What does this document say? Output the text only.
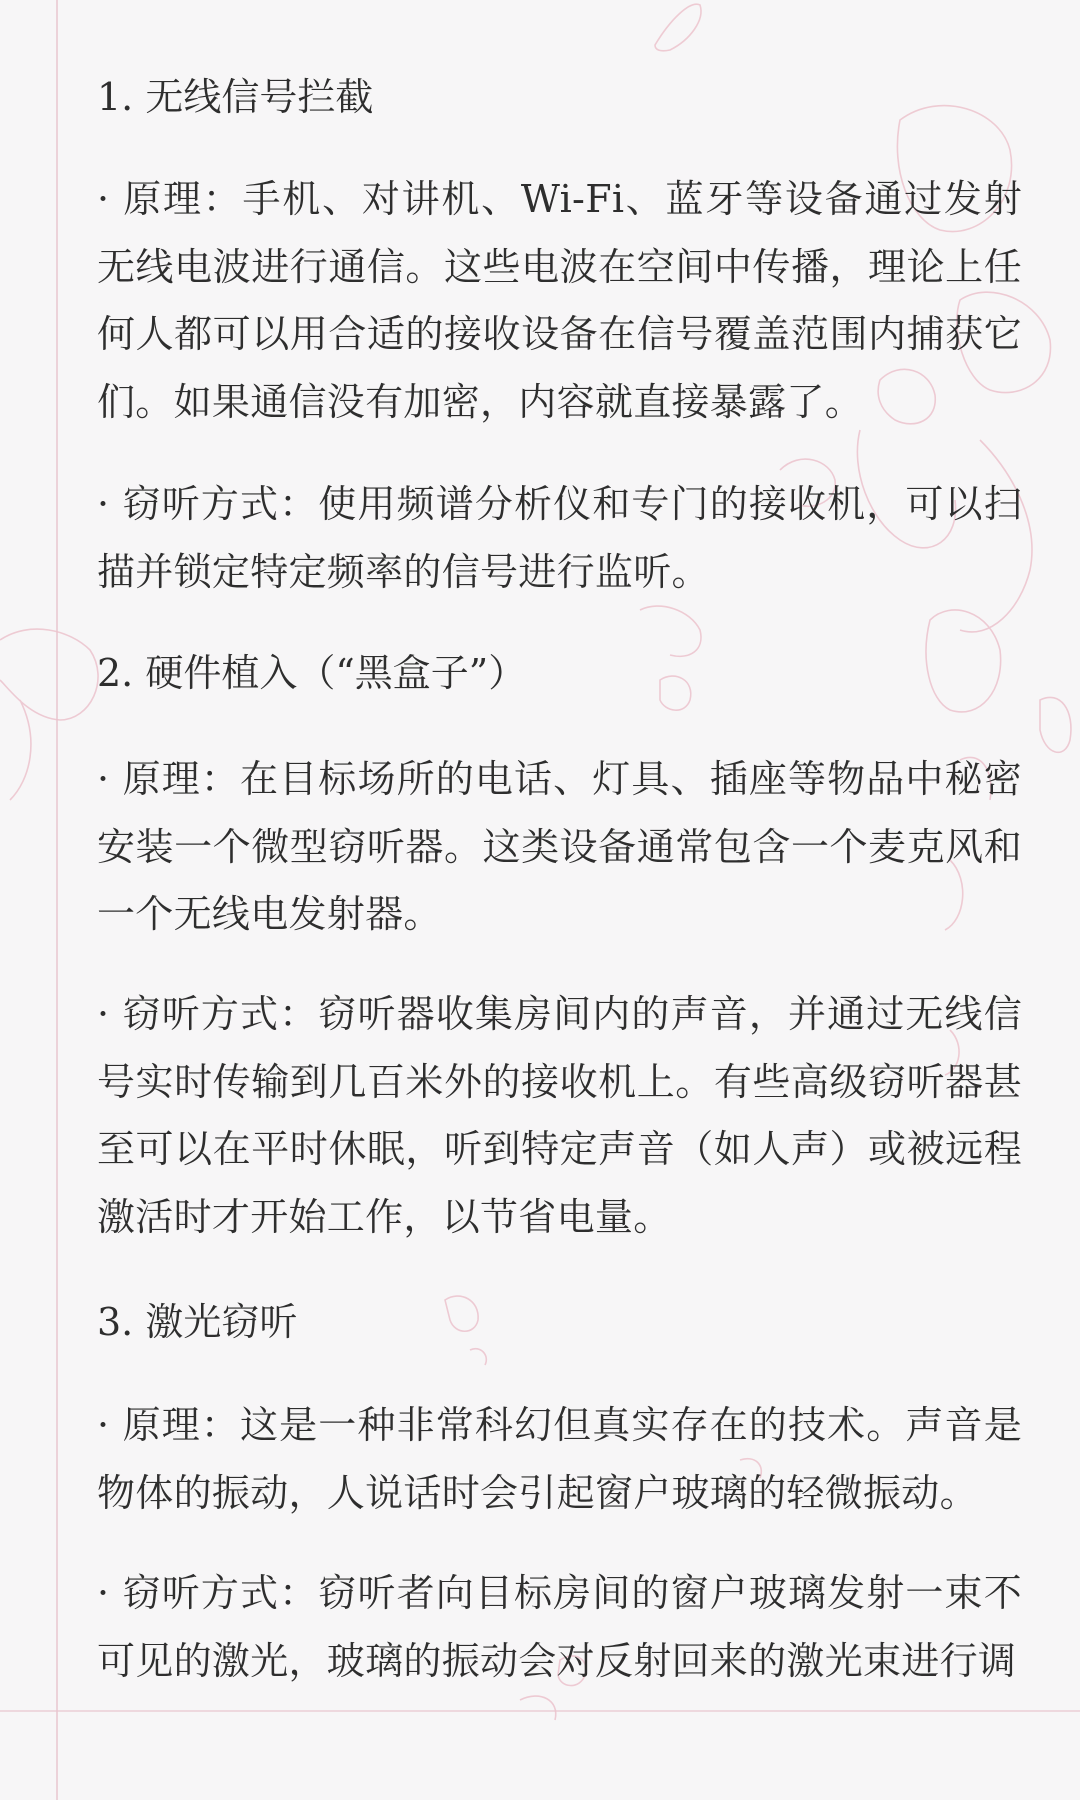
1. 无线信号拦截
· 原理：手机、对讲机、Wi-Fi、蓝牙等设备通过发射无线电波进行通信。这些电波在空间中传播，理论上任何人都可以用合适的接收设备在信号覆盖范围内捕获它们。如果通信没有加密，内容就直接暴露了。
· 窃听方式：使用频谱分析仪和专门的接收机，可以扫描并锁定特定频率的信号进行监听。
2. 硬件植入（“黑盒子”）
· 原理：在目标场所的电话、灯具、插座等物品中秘密安装一个微型窃听器。这类设备通常包含一个麦克风和一个无线电发射器。
· 窃听方式：窃听器收集房间内的声音，并通过无线信号实时传输到几百米外的接收机上。有些高级窃听器甚至可以在平时休眠，听到特定声音（如人声）或被远程激活时才开始工作，以节省电量。
3. 激光窃听
· 原理：这是一种非常科幻但真实存在的技术。声音是物体的振动，人说话时会引起窗户玻璃的轻微振动。
· 窃听方式：窃听者向目标房间的窗户玻璃发射一束不可见的激光，玻璃的振动会对反射回来的激光束进行调
